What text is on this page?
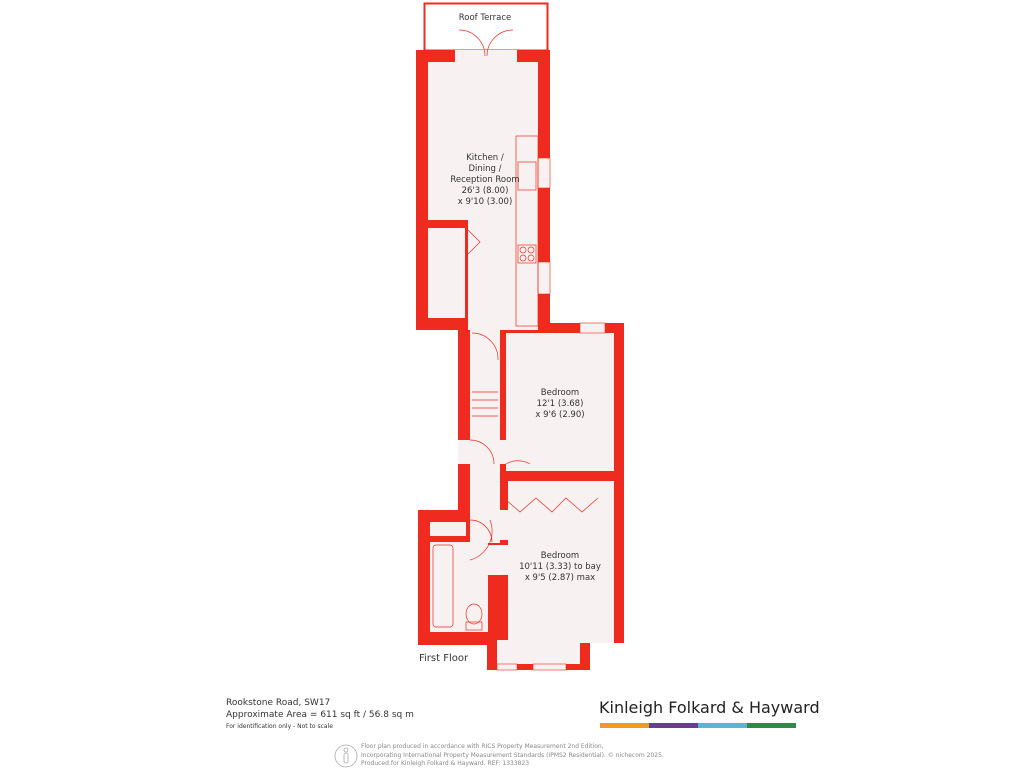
Roof Terrace
Kitchen /
Dining /
Reception Room
26'3 (8.00)
x 9'10 (3.00)
Bedroom
12'1 (3.68)
x 9'6 (2.90)
Bedroom
10'11 (3.33) to bay
x 9'5 (2.87) max
First Floor
Rookstone Road, SW17
Approximate Area = 611 sq ft / 56.8 sq m
For identification only - Not to scale
Kinleigh Folkard & Hayward
Floor plan produced in accordance with RICS Property Measurement 2nd Edition,
Incorporating International Property Measurement Standards (IPMS2 Residential). © nichecom 2025.
Produced for Kinleigh Folkard & Hayward. REF: 1333823
